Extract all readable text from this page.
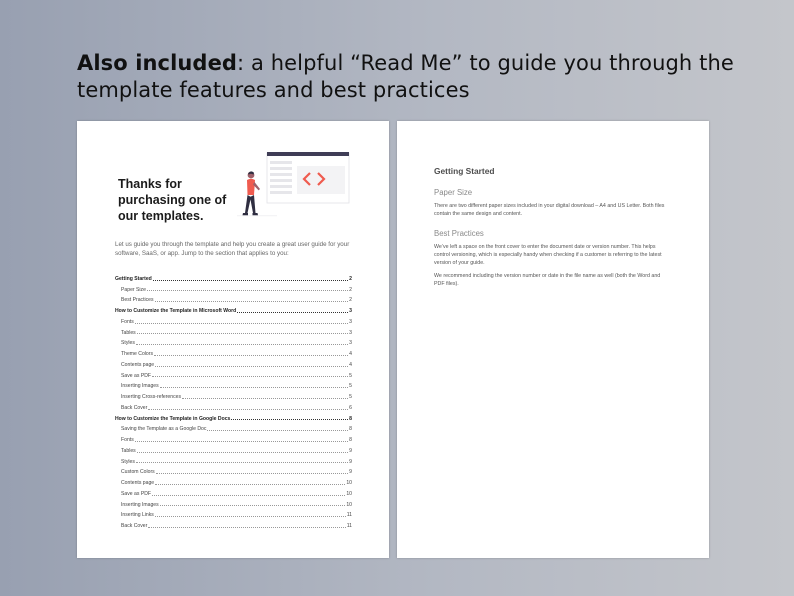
Also included: a helpful “Read Me” to guide you through the template features and best practices
Thanks for purchasing one of our templates.
Let us guide you through the template and help you create a great user guide for your software, SaaS, or app. Jump to the section that applies to you:
Getting Started	2
Paper Size	2
Best Practices	2
How to Customize the Template in Microsoft Word	3
Fonts	3
Tables	3
Styles	3
Theme Colors	4
Contents page	4
Save as PDF	5
Inserting Images	5
Inserting Cross-references	5
Back Cover	6
How to Customize the Template in Google Docs	8
Saving the Template as a Google Doc	8
Fonts	8
Tables	9
Styles	9
Custom Colors	9
Contents page	10
Save as PDF	10
Inserting Images	10
Inserting Links	11
Back Cover	11
Getting Started
Paper Size
There are two different paper sizes included in your digital download – A4 and US Letter. Both files contain the same design and content.
Best Practices
We’ve left a space on the front cover to enter the document date or version number. This helps control versioning, which is especially handy when checking if a customer is referring to the latest version of your guide.
We recommend including the version number or date in the file name as well (both the Word and PDF files).
